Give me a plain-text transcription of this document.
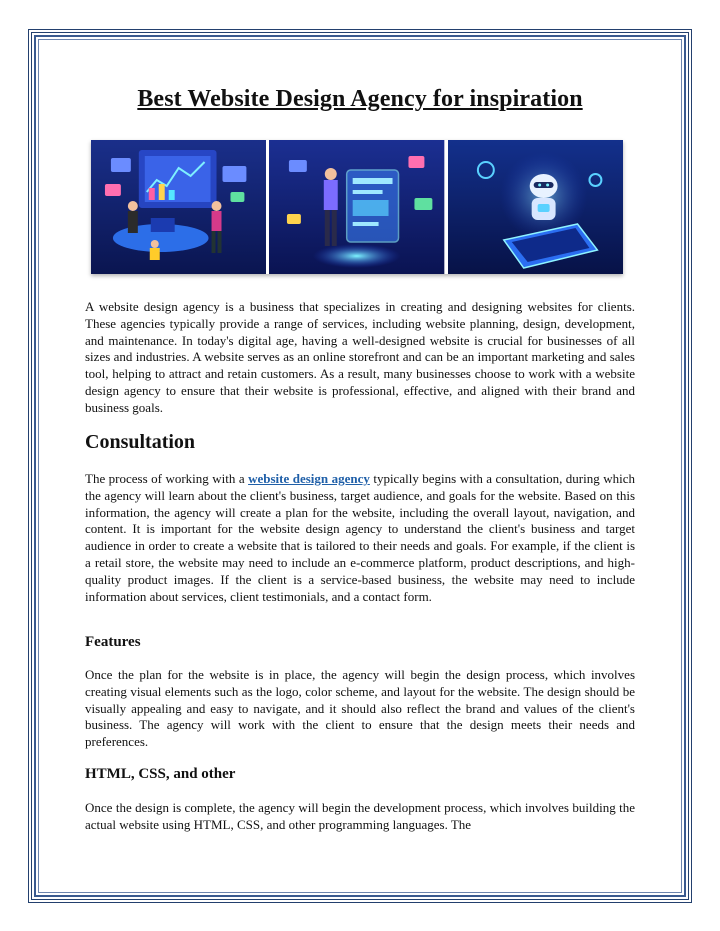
Best Website Design Agency for inspiration

A website design agency is a business that specializes in creating and designing websites for clients. These agencies typically provide a range of services, including website planning, design, development, and maintenance. In today's digital age, having a well-designed website is crucial for businesses of all sizes and industries. A website serves as an online storefront and can be an important marketing and sales tool, helping to attract and retain customers. As a result, many businesses choose to work with a website design agency to ensure that their website is professional, effective, and aligned with their brand and business goals.

Consultation

The process of working with a website design agency typically begins with a consultation, during which the agency will learn about the client's business, target audience, and goals for the website. Based on this information, the agency will create a plan for the website, including the overall layout, navigation, and content. It is important for the website design agency to understand the client's business and target audience in order to create a website that is tailored to their needs and goals. For example, if the client is a retail store, the website may need to include an e-commerce platform, product descriptions, and high-quality product images. If the client is a service-based business, the website may need to include information about services, client testimonials, and a contact form.

Features

Once the plan for the website is in place, the agency will begin the design process, which involves creating visual elements such as the logo, color scheme, and layout for the website. The design should be visually appealing and easy to navigate, and it should also reflect the brand and values of the client's business. The agency will work with the client to ensure that the design meets their needs and preferences.

HTML, CSS, and other

Once the design is complete, the agency will begin the development process, which involves building the actual website using HTML, CSS, and other programming languages. The
